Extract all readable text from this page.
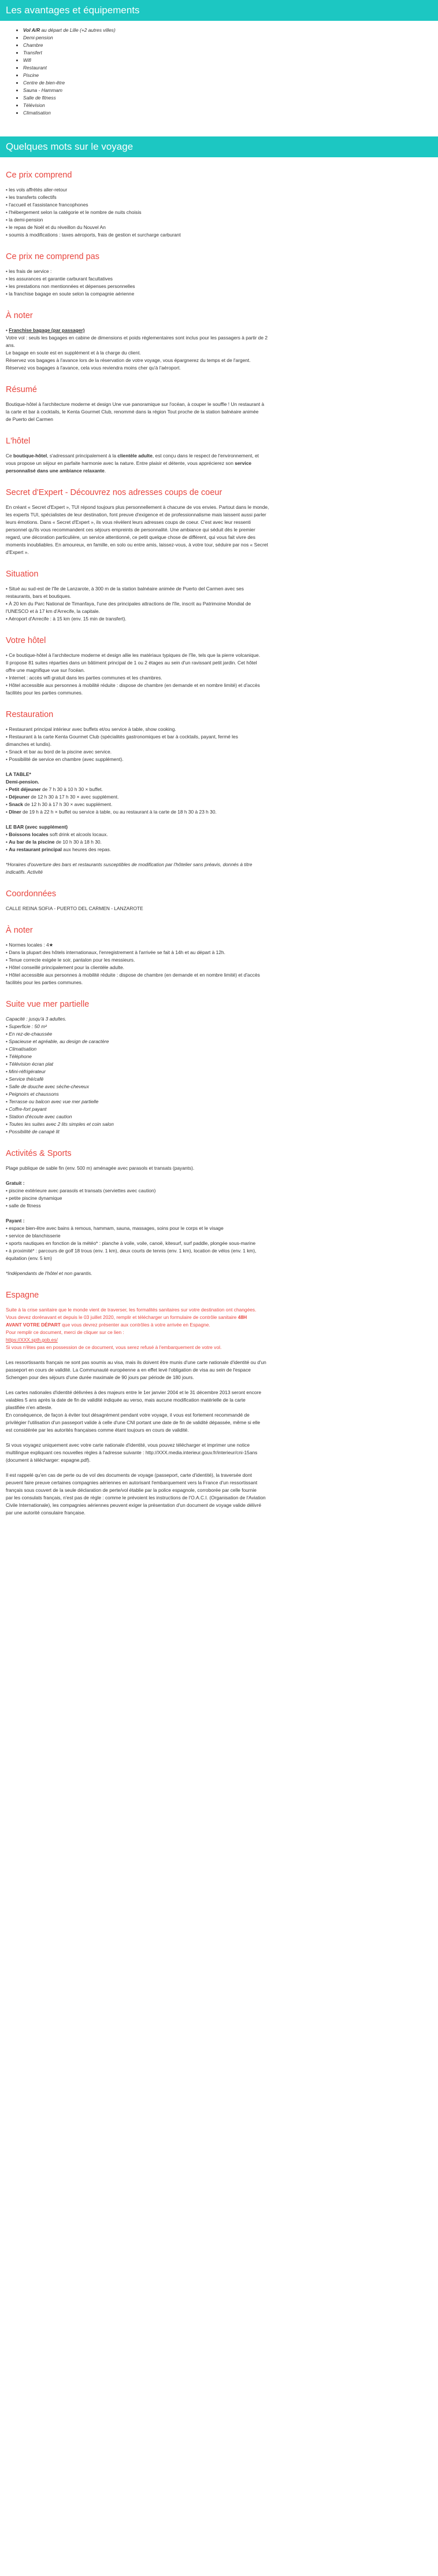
Les avantages et équipements
• Vol A/R au départ de Lille (+2 autres villes)
• Demi-pension
• Chambre
• Transfert
• Wifi
• Restaurant
• Piscine
• Centre de bien-être
• Sauna - Hammam
• Salle de fitness
• Télévision
• Climatisation
Quelques mots sur le voyage
Ce prix comprend
• les vols affrétés aller-retour
• les transferts collectifs
• l'accueil et l'assistance francophones
• l'hébergement selon la catégorie et le nombre de nuits choisis
• la demi-pension
• le repas de Noël et du réveillon du Nouvel An
• soumis à modifications : taxes aéroports, frais de gestion et surcharge carburant
Ce prix ne comprend pas
• les frais de service :
• les assurances et garantie carburant facultatives
• les prestations non mentionnées et dépenses personnelles
• la franchise bagage en soute selon la compagnie aérienne
À noter
• Franchise bagage (par passager)
Votre vol : seuls les bagages en cabine de dimensions et poids réglementaires sont inclus pour les passagers à partir de 2
ans.
Le bagage en soute est en supplément et à la charge du client.
Réservez vos bagages à l'avance lors de la réservation de votre voyage, vous épargnerez du temps et de l'argent.
Réservez vos bagages à l'avance, cela vous reviendra moins cher qu'à l'aéroport.
Résumé
Boutique-hôtel à l'architecture moderne et design Une vue panoramique sur l'océan, à couper le souffle ! Un restaurant à
la carte et bar à cocktails, le Kenta Gourmet Club, renommé dans la région Tout proche de la station balnéaire animée
de Puerto del Carmen
L'hôtel
Ce boutique-hôtel, s'adressant principalement à la clientèle adulte, est conçu dans le respect de l'environnement, et
vous propose un séjour en parfaite harmonie avec la nature. Entre plaisir et détente, vous apprécierez son service
personnalisé dans une ambiance relaxante.
Secret d'Expert - Découvrez nos adresses coups de coeur
En créant « Secret d'Expert », TUI répond toujours plus personnellement à chacune de vos envies. Partout dans le monde,
les experts TUI, spécialistes de leur destination, font preuve d'exigence et de professionnalisme mais laissent aussi parler
leurs émotions. Dans « Secret d'Expert », ils vous révèlent leurs adresses coups de coeur. C'est avec leur ressenti
personnel qu'ils vous recommandent ces séjours empreints de personnalité. Une ambiance qui séduit dès le premier
regard, une décoration particulière, un service attentionné, ce petit quelque chose de différent, qui vous fait vivre des
moments inoubliables. En amoureux, en famille, en solo ou entre amis, laissez-vous, à votre tour, séduire par nos « Secret
d'Expert ».
Situation
• Situé au sud-est de l'île de Lanzarote, à 300 m de la station balnéaire animée de Puerto del Carmen avec ses
restaurants, bars et boutiques.
• À 20 km du Parc National de Timanfaya, l'une des principales attractions de l'île, inscrit au Patrimoine Mondial de
l'UNESCO et à 17 km d'Arrecife, la capitale.
• Aéroport d'Arrecife : à 15 km (env. 15 min de transfert).
Votre hôtel
• Ce boutique-hôtel à l'architecture moderne et design allie les matériaux typiques de l'île, tels que la pierre volcanique.
Il propose 81 suites réparties dans un bâtiment principal de 1 ou 2 étages au sein d'un ravissant petit jardin. Cet hôtel
offre une magnifique vue sur l'océan.
• Internet : accès wifi gratuit dans les parties communes et les chambres.
• Hôtel accessible aux personnes à mobilité réduite : dispose de chambre (en demande et en nombre limité) et d'accès
facilités pour les parties communes.
Restauration
• Restaurant principal intérieur avec buffets et/ou service à table, show cooking.
• Restaurant à la carte Kenta Gourmet Club (spécialités gastronomiques et bar à cocktails, payant, fermé les
dimanches et lundis).
• Snack et bar au bord de la piscine avec service.
• Possibilité de service en chambre (avec supplément).
LA TABLE*
Demi-pension.
• Petit déjeuner de 7 h 30 à 10 h 30 × buffet.
• Déjeuner de 12 h 30 à 17 h 30 × avec supplément.
• Snack de 12 h 30 à 17 h 30 × avec supplément.
• Dîner de 19 h à 22 h × buffet ou service à table, ou au restaurant à la carte de 18 h 30 à 23 h 30.
LE BAR (avec supplément)
• Boissons locales soft drink et alcools locaux.
• Au bar de la piscine de 10 h 30 à 18 h 30.
• Au restaurant principal aux heures des repas.
*Horaires d'ouverture des bars et restaurants susceptibles de modification par l'hôtelier sans préavis, donnés à titre
indicatifs. Activité
Coordonnées
CALLE REINA SOFIA - PUERTO DEL CARMEN - LANZAROTE
À noter
• Normes locales : 4★
• Dans la plupart des hôtels internationaux, l'enregistrement à l'arrivée se fait à 14h et au départ à 12h.
• Tenue correcte exigée le soir, pantalon pour les messieurs.
• Hôtel conseillé principalement pour la clientèle adulte.
• Hôtel accessible aux personnes à mobilité réduite : dispose de chambre (en demande et en nombre limité) et d'accès
facilités pour les parties communes.
Suite vue mer partielle
Capacité : jusqu'à 3 adultes.
• Superficie : 50 m²
• En rez-de-chaussée
• Spacieuse et agréable, au design de caractère
• Climatisation
• Téléphone
• Télévision écran plat
• Mini-réfrigérateur
• Service thé/café
• Salle de douche avec sèche-cheveux
• Peignoirs et chaussons
• Terrasse ou balcon avec vue mer partielle
• Coffre-fort payant
• Station d'écoute avec caution
• Toutes les suites avec 2 lits simples et coin salon
• Possibilité de canapé lit
Activités & Sports
Plage publique de sable fin (env. 500 m) aménagée avec parasols et transats (payants).
Gratuit :
• piscine extérieure avec parasols et transats (serviettes avec caution)
• petite piscine dynamique
• salle de fitness
Payant :
• espace bien-être avec bains à remous, hammam, sauna, massages, soins pour le corps et le visage
• service de blanchisserie
• sports nautiques en fonction de la météo* : planche à voile, voile, canoë, kitesurf, surf paddle, plongée sous-marine
• à proximité* : parcours de golf 18 trous (env. 1 km), deux courts de tennis (env. 1 km), location de vélos (env. 1 km),
équitation (env. 5 km)
*Indépendants de l'hôtel et non garantis.
Espagne
Suite à la crise sanitaire que le monde vient de traverser, les formalités sanitaires sur votre destination ont changées.
Vous devez dorénavant et depuis le 03 juillet 2020, remplir et télécharger un formulaire de contrôle sanitaire 48H
AVANT VOTRE DÉPART que vous devrez présenter aux contrôles à votre arrivée en Espagne.
Pour remplir ce document, merci de cliquer sur ce lien :
https://XXX.spth.gob.es/
Si vous n'êtes pas en possession de ce document, vous serez refusé à l'embarquement de votre vol.
Les ressortissants français ne sont pas soumis au visa, mais ils doivent être munis d'une carte nationale d'identité ou d'un
passeport en cours de validité. La Communauté européenne a en effet levé l'obligation de visa au sein de l'espace
Schengen pour des séjours d'une durée maximale de 90 jours par période de 180 jours.
Les cartes nationales d'identité délivrées à des majeurs entre le 1er janvier 2004 et le 31 décembre 2013 seront encore
valables 5 ans après la date de fin de validité indiquée au verso, mais aucune modification matérielle de la carte
plastifiée n'en atteste.
En conséquence, de façon à éviter tout désagrément pendant votre voyage, il vous est fortement recommandé de
privilégier l'utilisation d'un passeport valide à celle d'une CNI portant une date de fin de validité dépassée, même si elle
est considérée par les autorités françaises comme étant toujours en cours de validité.
Si vous voyagez uniquement avec votre carte nationale d'identité, vous pouvez télécharger et imprimer une notice
multilingue expliquant ces nouvelles règles à l'adresse suivante : http://XXX.media.interieur.gouv.fr/interieur/cni-15ans
(document à télécharger: espagne.pdf).
Il est rappelé qu'en cas de perte ou de vol des documents de voyage (passeport, carte d'identité), la traversée dont
peuvent faire preuve certaines compagnies aériennes en autorisant l'embarquement vers la France d'un ressortissant
français sous couvert de la seule déclaration de perte/vol établie par la police espagnole, corroborée par celle fournie
par les consulats français, n'est pas de règle : comme le prévoient les instructions de l'O.A.C.I. (Organisation de l'Aviation
Civile Internationale), les compagnies aériennes peuvent exiger la présentation d'un document de voyage valide délivré
par une autorité consulaire française.
